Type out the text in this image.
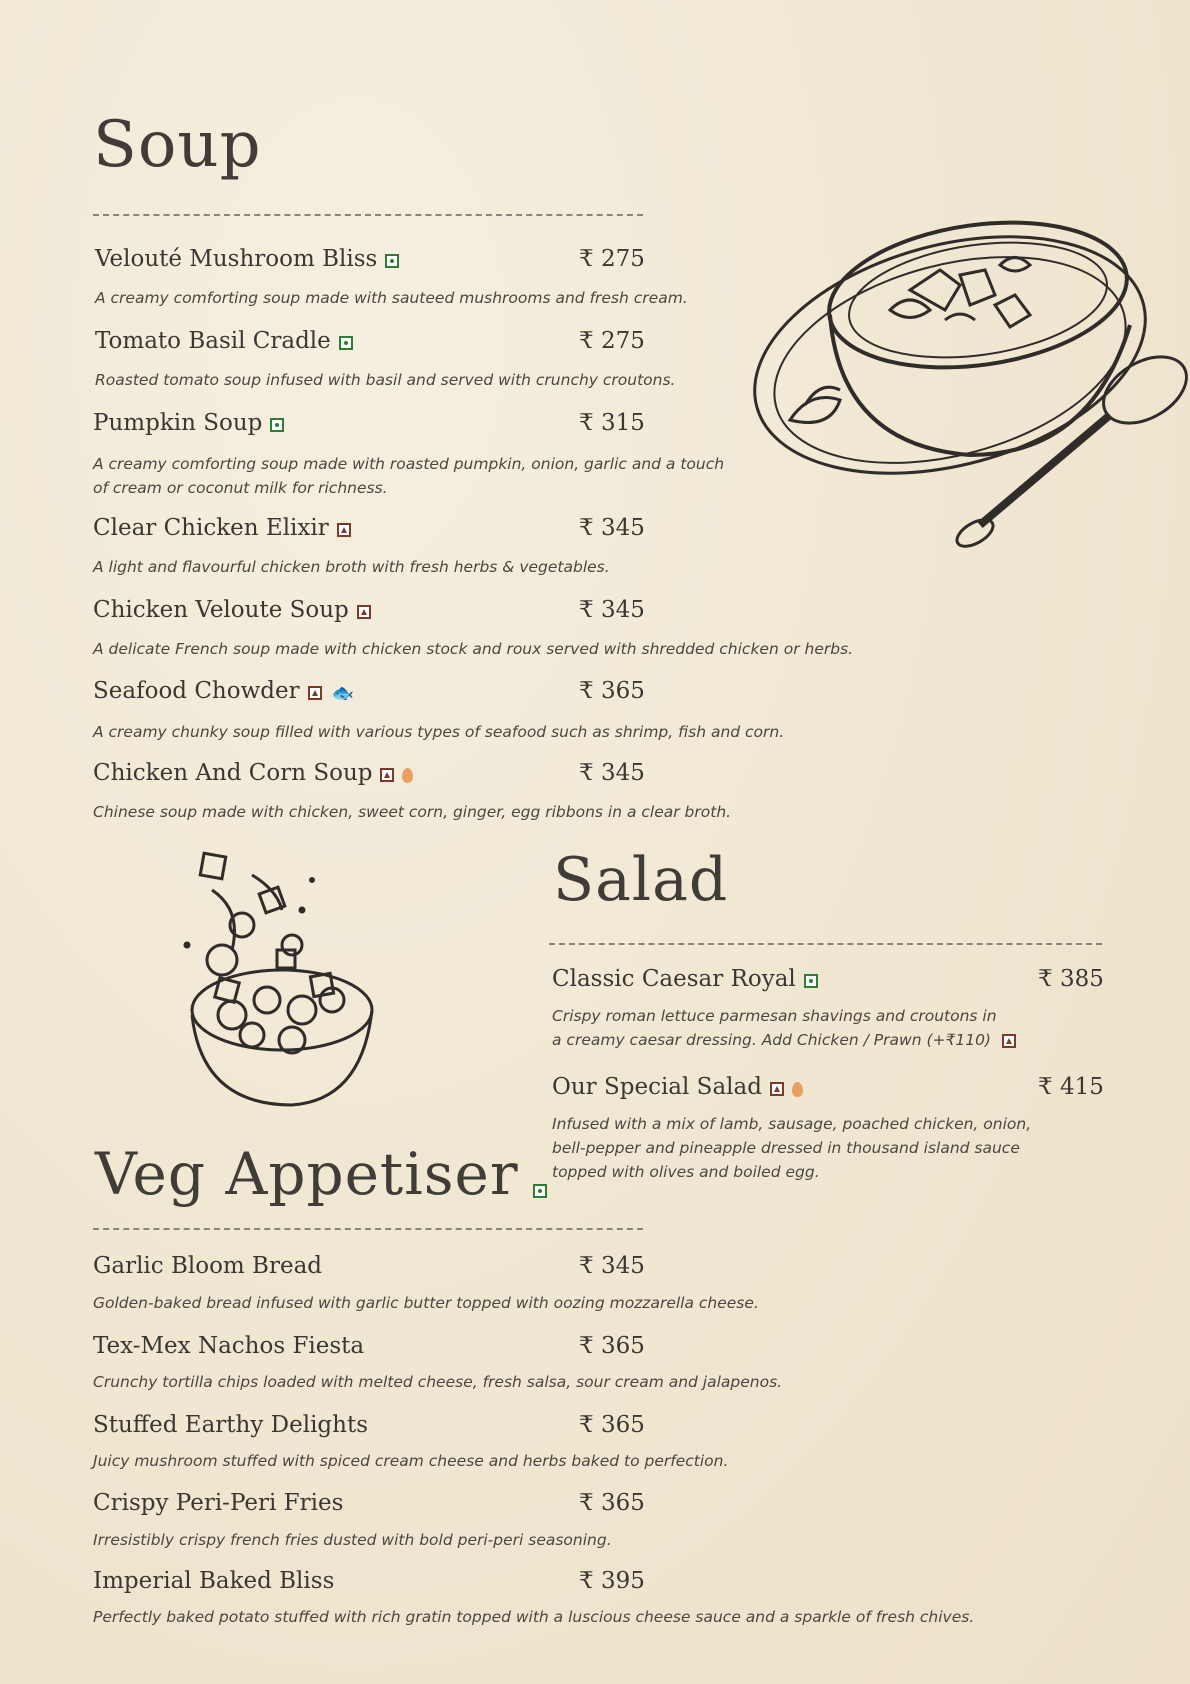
Soup
Velouté Mushroom Bliss	₹ 275
A creamy comforting soup made with sauteed mushrooms and fresh cream.
Tomato Basil Cradle	₹ 275
Roasted tomato soup infused with basil and served with crunchy croutons.
Pumpkin Soup	₹ 315
A creamy comforting soup made with roasted pumpkin, onion, garlic and a touch
of cream or coconut milk for richness.
Clear Chicken Elixir	₹ 345
A light and flavourful chicken broth with fresh herbs & vegetables.
Chicken Veloute Soup	₹ 345
A delicate French soup made with chicken stock and roux served with shredded chicken or herbs.
Seafood Chowder 🐟	₹ 365
A creamy chunky soup filled with various types of seafood such as shrimp, fish and corn.
Chicken And Corn Soup	₹ 345
Chinese soup made with chicken, sweet corn, ginger, egg ribbons in a clear broth.
Salad
Classic Caesar Royal	₹ 385
Crispy roman lettuce parmesan shavings and croutons in
a creamy caesar dressing. Add Chicken / Prawn (+₹110)
Our Special Salad	₹ 415
Infused with a mix of lamb, sausage, poached chicken, onion,
bell-pepper and pineapple dressed in thousand island sauce
topped with olives and boiled egg.
Veg Appetiser
Garlic Bloom Bread	₹ 345
Golden-baked bread infused with garlic butter topped with oozing mozzarella cheese.
Tex-Mex Nachos Fiesta	₹ 365
Crunchy tortilla chips loaded with melted cheese, fresh salsa, sour cream and jalapenos.
Stuffed Earthy Delights	₹ 365
Juicy mushroom stuffed with spiced cream cheese and herbs baked to perfection.
Crispy Peri-Peri Fries	₹ 365
Irresistibly crispy french fries dusted with bold peri-peri seasoning.
Imperial Baked Bliss	₹ 395
Perfectly baked potato stuffed with rich gratin topped with a luscious cheese sauce and a sparkle of fresh chives.
